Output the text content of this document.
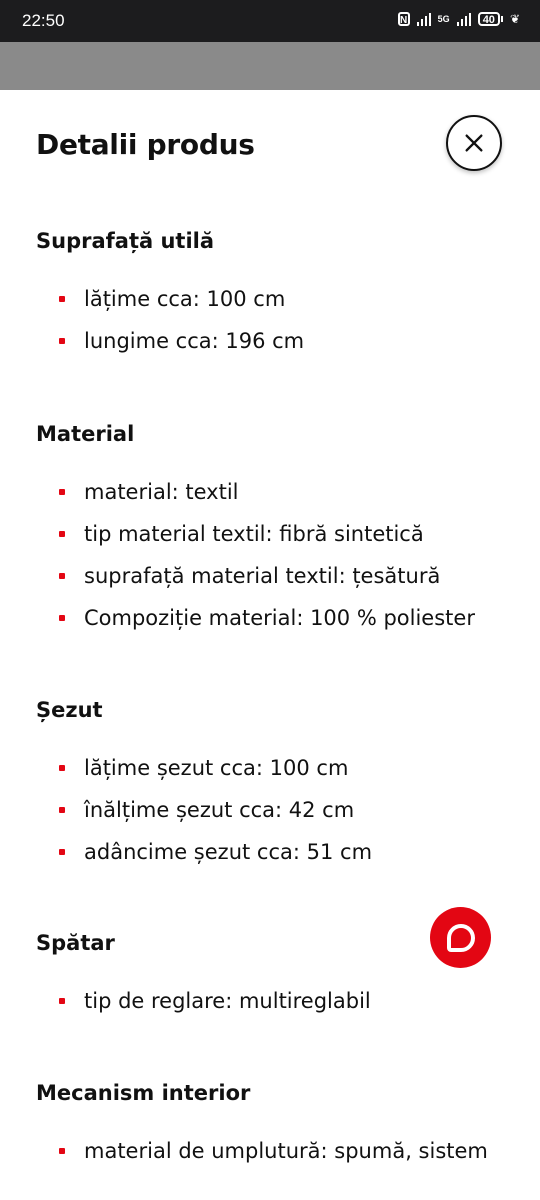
22:50	N	5G	40	❦
Detalii produs
Suprafață utilă
lățime cca: 100 cm
lungime cca: 196 cm
Material
material: textil
tip material textil: fibră sintetică
suprafață material textil: țesătură
Compoziție material: 100 % poliester
Șezut
lățime șezut cca: 100 cm
înălțime șezut cca: 42 cm
adâncime șezut cca: 51 cm
Spătar
tip de reglare: multireglabil
Mecanism interior
material de umplutură: spumă, sistem
